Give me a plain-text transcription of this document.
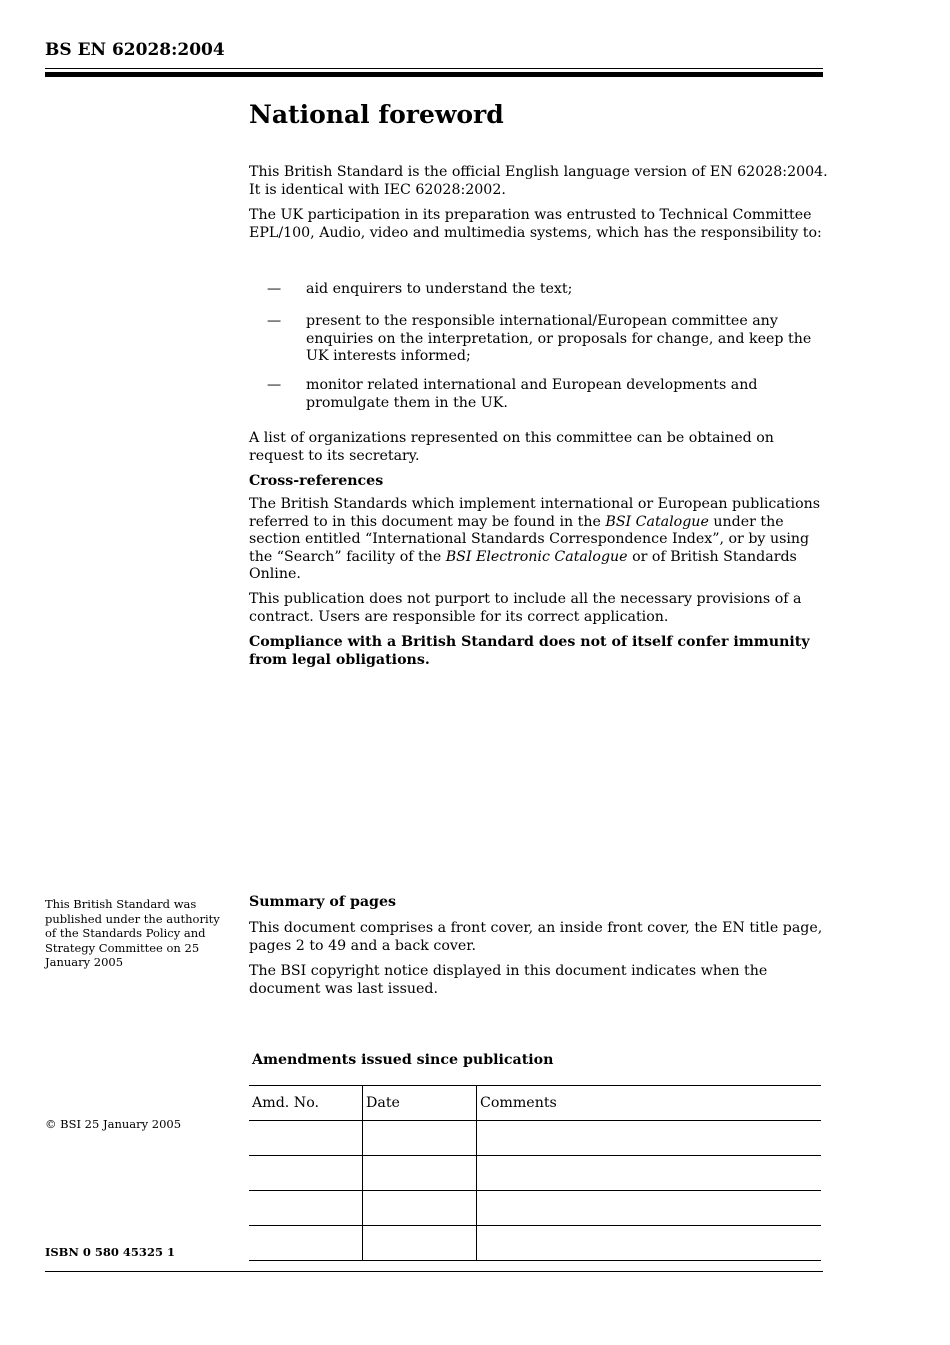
BS EN 62028:2004
National foreword

This British Standard is the official English language version of EN 62028:2004. It is identical with IEC 62028:2002.

The UK participation in its preparation was entrusted to Technical Committee EPL/100, Audio, video and multimedia systems, which has the responsibility to:

— aid enquirers to understand the text;
— present to the responsible international/European committee any enquiries on the interpretation, or proposals for change, and keep the UK interests informed;
— monitor related international and European developments and promulgate them in the UK.

A list of organizations represented on this committee can be obtained on request to its secretary.

Cross-references

The British Standards which implement international or European publications referred to in this document may be found in the BSI Catalogue under the section entitled “International Standards Correspondence Index”, or by using the “Search” facility of the BSI Electronic Catalogue or of British Standards Online.

This publication does not purport to include all the necessary provisions of a contract. Users are responsible for its correct application.

Compliance with a British Standard does not of itself confer immunity from legal obligations.

This British Standard was published under the authority of the Standards Policy and Strategy Committee on 25 January 2005
© BSI 25 January 2005
ISBN 0 580 45325 1
Summary of pages

This document comprises a front cover, an inside front cover, the EN title page, pages 2 to 49 and a back cover.

The BSI copyright notice displayed in this document indicates when the document was last issued.

Amendments issued since publication
Amd. No.	Date	Comments
